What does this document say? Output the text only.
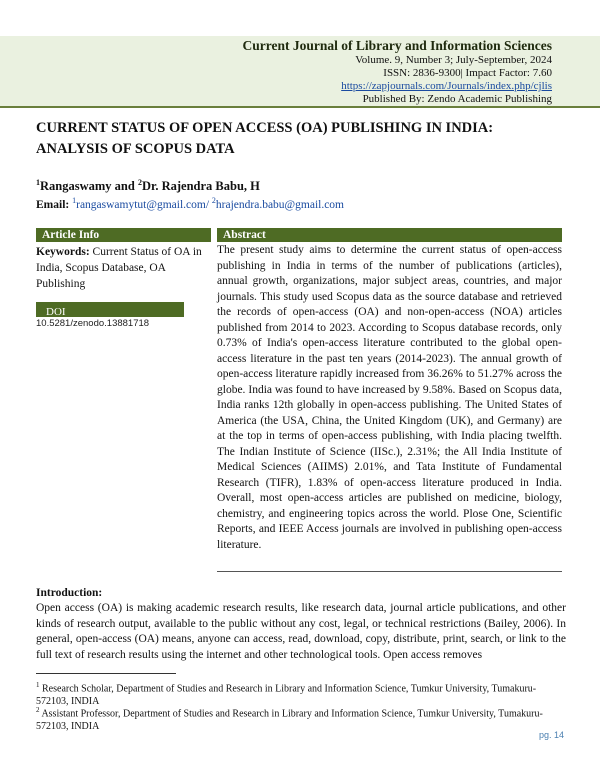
Current Journal of Library and Information Sciences
Volume. 9, Number 3; July-September, 2024
ISSN: 2836-9300| Impact Factor: 7.60
https://zapjournals.com/Journals/index.php/cjlis
Published By: Zendo Academic Publishing
CURRENT STATUS OF OPEN ACCESS (OA) PUBLISHING IN INDIA: ANALYSIS OF SCOPUS DATA
$^1$Rangaswamy and $^2$Dr. Rajendra Babu, H
Email: $^1$rangaswamytut@gmail.com/ $^2$hrajendra.babu@gmail.com
Article Info
Keywords: Current Status of OA in India, Scopus Database, OA Publishing
DOI
10.5281/zenodo.13881718
Abstract
The present study aims to determine the current status of open-access publishing in India in terms of the number of publications (articles), annual growth, organizations, major subject areas, countries, and major journals. This study used Scopus data as the source database and retrieved the records of open-access (OA) and non-open-access (NOA) articles published from 2014 to 2023. According to Scopus database records, only 0.73% of India's open-access literature contributed to the global open-access literature in the past ten years (2014-2023). The annual growth of open-access literature rapidly increased from 36.26% to 51.27% across the globe. India was found to have increased by 9.58%. Based on Scopus data, India ranks 12th globally in open-access publishing. The United States of America (the USA, China, the United Kingdom (UK), and Germany) are at the top in terms of open-access publishing, with India placing twelfth. The Indian Institute of Science (IISc.), 2.31%; the All India Institute of Medical Sciences (AIIMS) 2.01%, and Tata Institute of Fundamental Research (TIFR), 1.83% of open-access literature produced in India. Overall, most open-access articles are published on medicine, biology, chemistry, and engineering topics across the world. Plose One, Scientific Reports, and IEEE Access journals are involved in publishing open-access literature.
Introduction:
Open access (OA) is making academic research results, like research data, journal article publications, and other kinds of research output, available to the public without any cost, legal, or technical restrictions (Bailey, 2006). In general, open-access (OA) means, anyone can access, read, download, copy, distribute, print, search, or link to the full text of research results using the internet and other technological tools. Open access removes
$^1$ Research Scholar, Department of Studies and Research in Library and Information Science, Tumkur University, Tumakuru-572103, INDIA
$^2$ Assistant Professor, Department of Studies and Research in Library and Information Science, Tumkur University, Tumakuru-572103, INDIA
pg. 14
